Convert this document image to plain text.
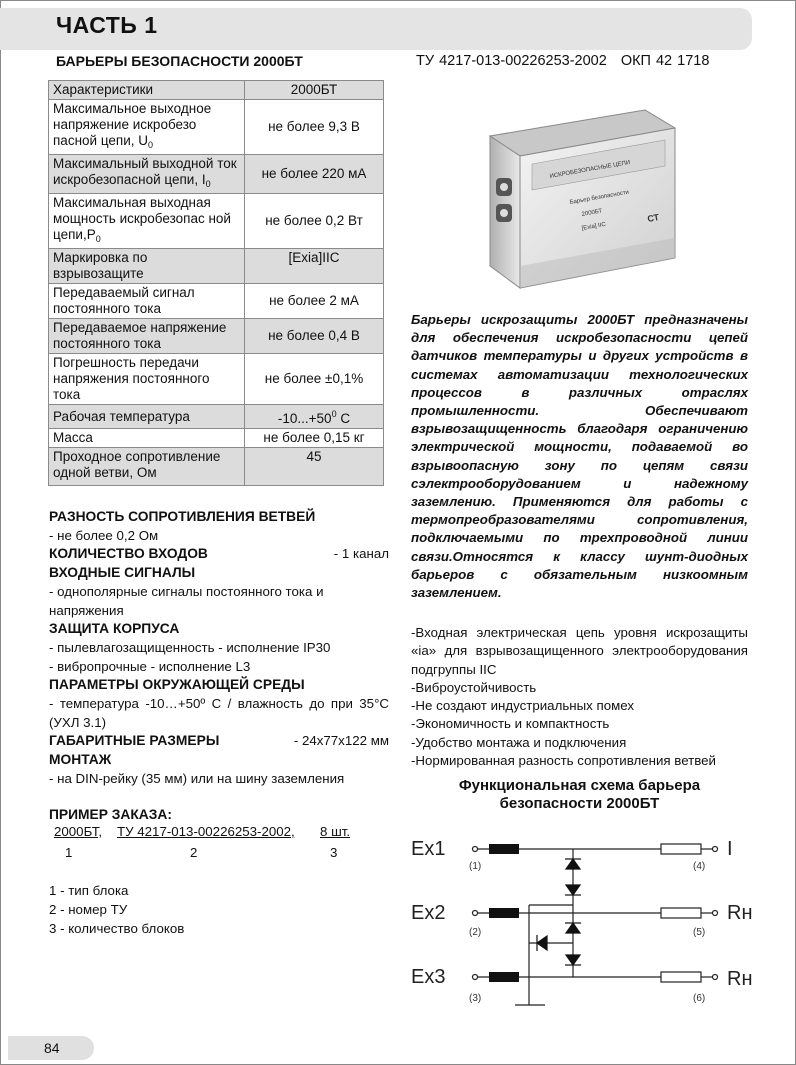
ЧАСТЬ 1
БАРЬЕРЫ БЕЗОПАСНОСТИ 2000БТ	ТУ 4217-013-00226253-2002 ОКП 42 1718
Характеристики	2000БТ
Максимальное выходное напряжение искробезо пасной цепи, $U_0$	не более 9,3 В
Максимальный выходной ток искробезопасной цепи, $I_0$	не более 220 мА
Максимальная выходная мощность искробезопас ной $цепи,P_0$	не более 0,2 Вт
Маркировка по взрывозащите	[Exia]IIC
Передаваемый сигнал постоянного тока	не более 2 мА
Передаваемое напряжение постоянного тока	не более 0,4 В
Погрешность передачи напряжения постоянного тока	не более ±0,1%
Рабочая температура	$-10...+50^0$ С
Масса	не более 0,15 кг
Проходное сопротивление одной ветви, Ом	45
ИСКРОБЕЗОПАСНЫЕ ЦЕПИ
Барьер безопасности
2000БТ
[Exia] IIC
СТ
Барьеры искрозащиты 2000БТ предназначены для обеспечения искробезопасности цепей датчиков температуры и других устройств в системах автоматизации технологических процессов в различных отраслях промышленности. Обеспечивают взрывозащищенность благодаря ограничению электрической мощности, подаваемой во взрывоопасную зону по цепям связи сэлектрооборудованием и надежному заземлению. Применяются для работы с термопреобразователями сопротивления, подключаемыми по трехпроводной линии связи.Относятся к классу шунт-диодных барьеров с обязательным низкоомным заземлением.
-Входная электрическая цепь уровня искрозащиты «ia» для взрывозащищенного электрооборудования подгруппы IIC
-Виброустойчивость
-Не создают индустриальных помех
-Экономичность и компактность
-Удобство монтажа и подключения
-Нормированная разность сопротивления ветвей
Функциональная схема барьера
безопасности 2000БТ
Ex1
Ex2
Ex3
(1)
(2)
(3)
(4)
(5)
(6)
I
Rн
Rн
РАЗНОСТЬ СОПРОТИВЛЕНИЯ ВЕТВЕЙ
- не более 0,2 Ом
КОЛИЧЕСТВО ВХОДОВ	- 1 канал
ВХОДНЫЕ СИГНАЛЫ
- однополярные сигналы постоянного тока и напряжения
ЗАЩИТА КОРПУСА
- пылевлагозащищенность - исполнение IP30
- вибропрочные - исполнение L3
ПАРАМЕТРЫ ОКРУЖАЮЩЕЙ СРЕДЫ
- температура -10…+50º С / влажность до при 35°С (УХЛ 3.1)
ГАБАРИТНЫЕ РАЗМЕРЫ	- 24х77х122 мм
МОНТАЖ
- на DIN-рейку (35 мм) или на шину заземления
ПРИМЕР ЗАКАЗА:
2000БТ, ТУ 4217-013-00226253-2002, 8 шт.
1	2	3
1 - тип блока
2 - номер ТУ
3 - количество блоков
84
